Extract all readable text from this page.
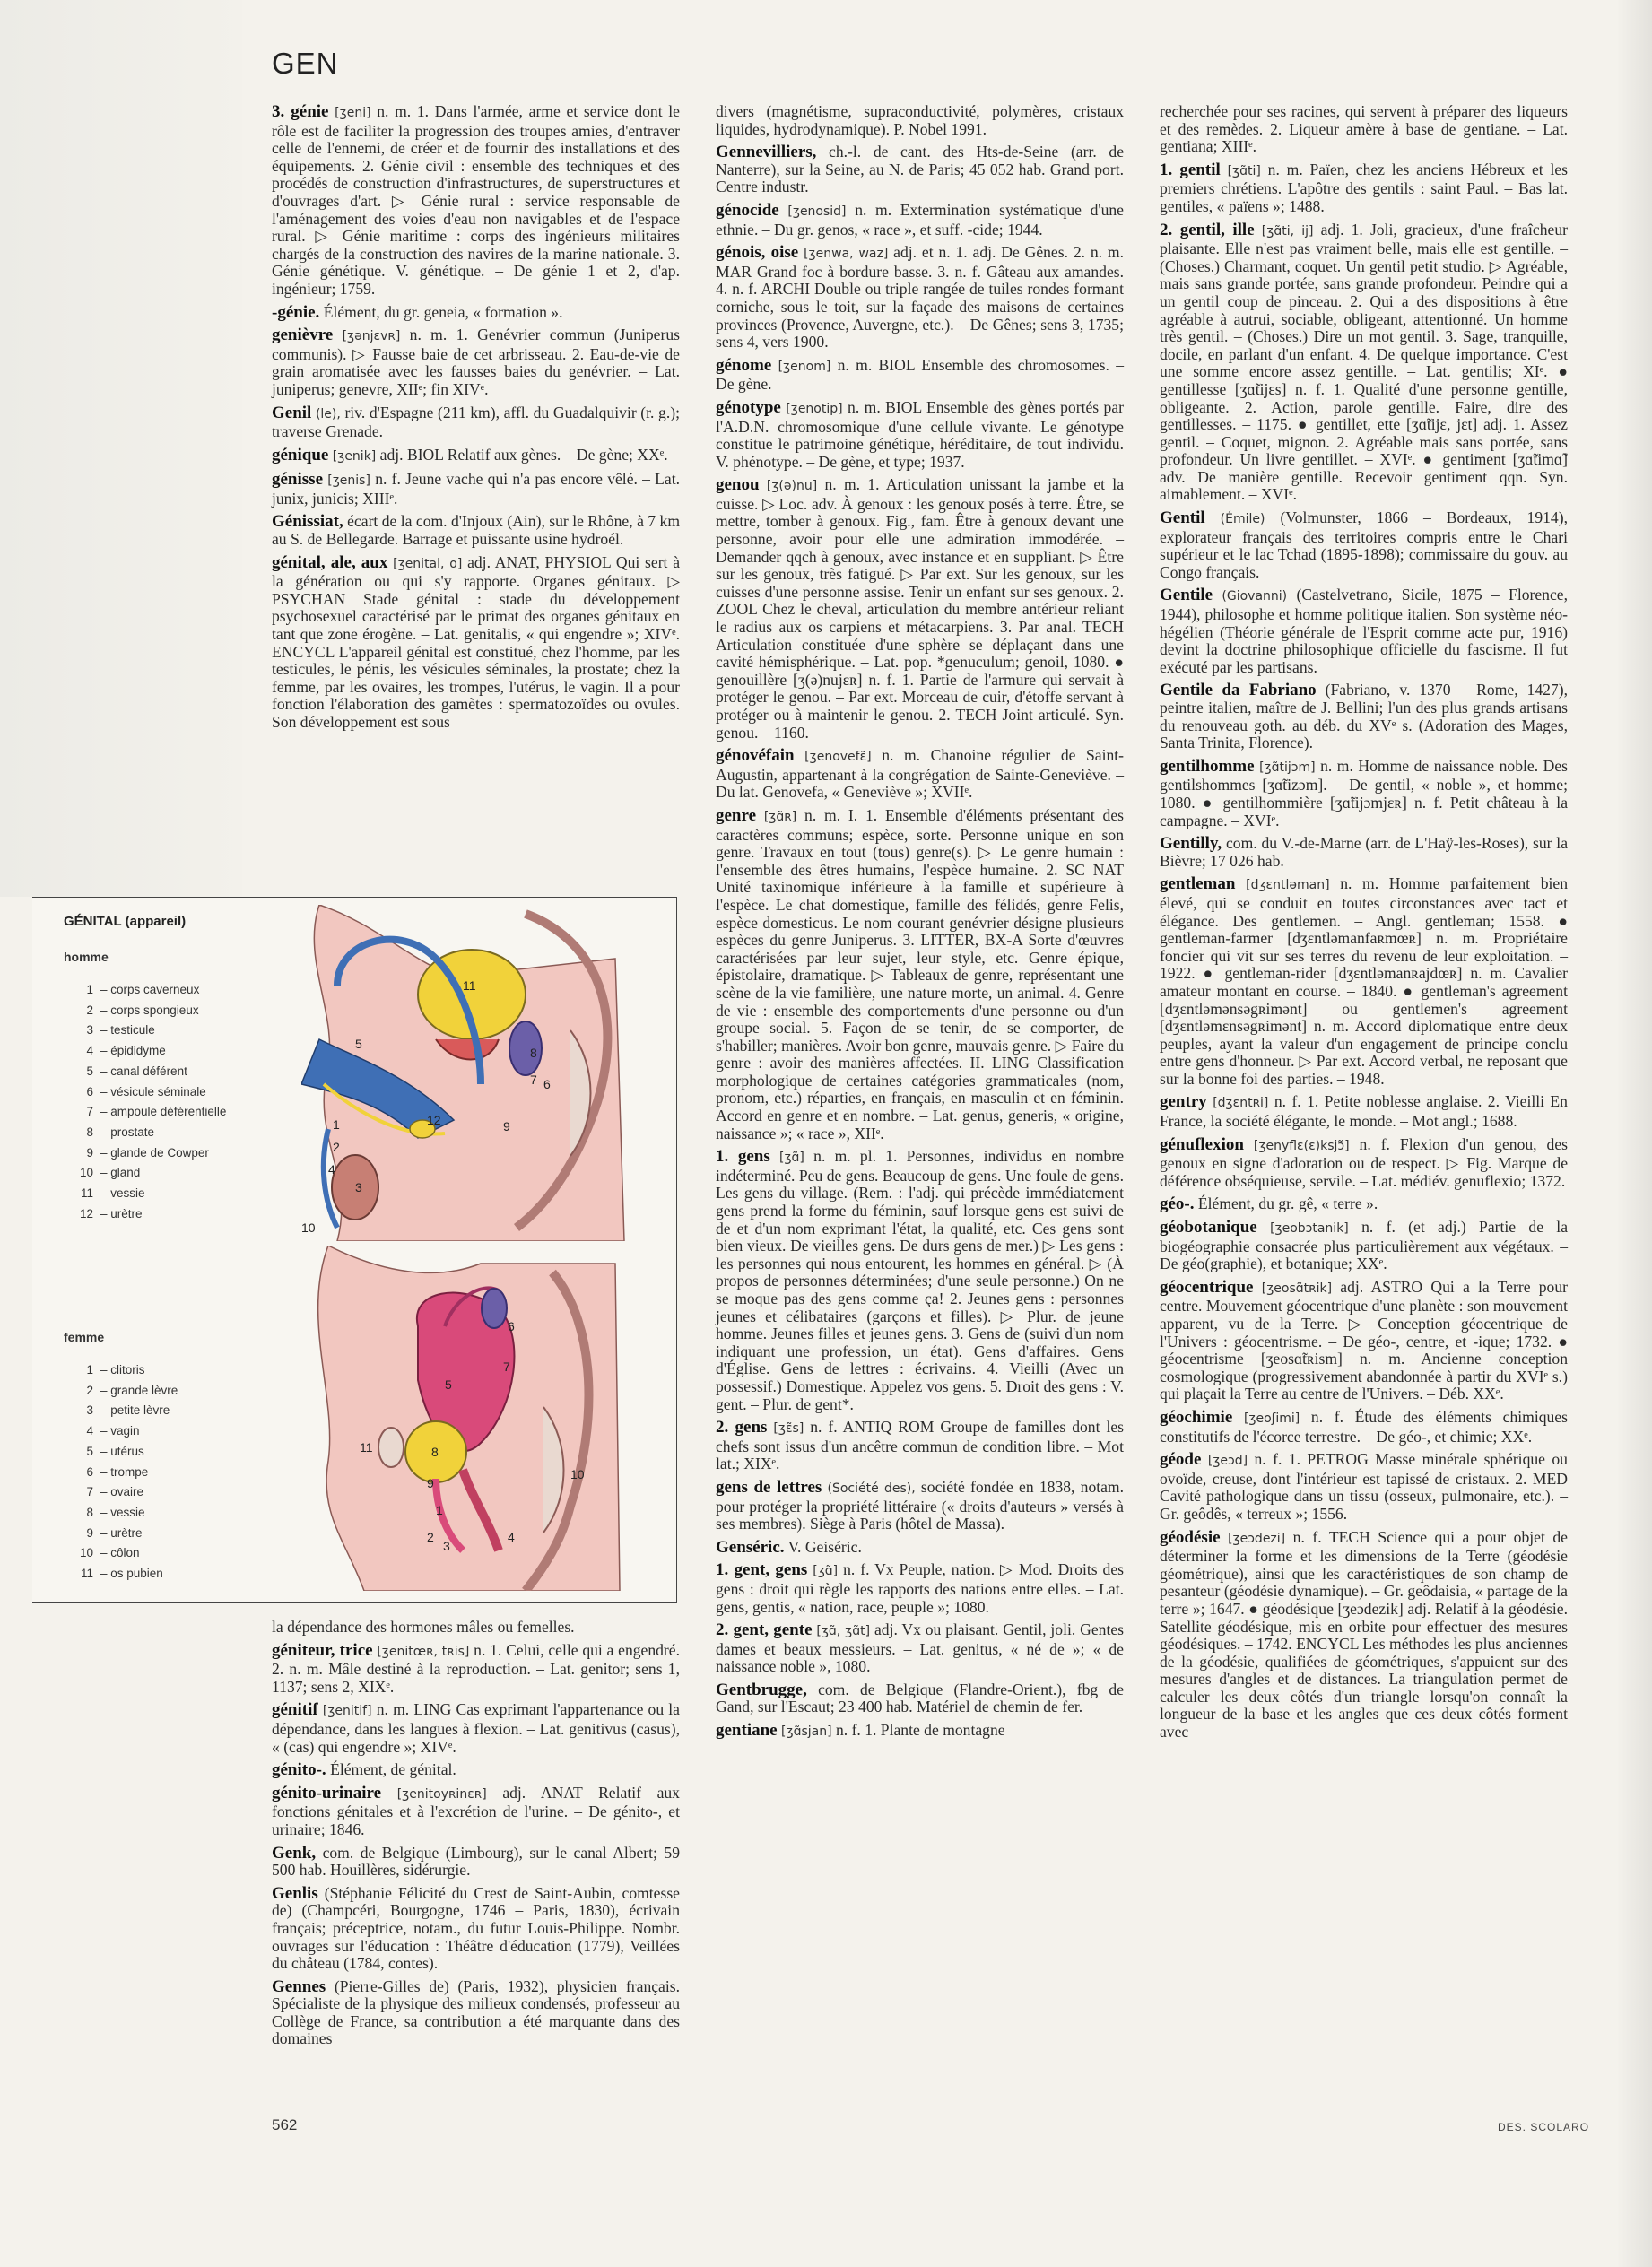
GEN

3. génie [ʒeni] n. m. 1. Dans l'armée, arme et service dont le rôle est de faciliter la progression des troupes amies, d'entraver celle de l'ennemi, de créer et de fournir des installations et des équipements. 2. Génie civil : ensemble des techniques et des procédés de construction d'infrastructures, de superstructures et d'ouvrages d'art. ▷ Génie rural : service responsable de l'aménagement des voies d'eau non navigables et de l'espace rural. ▷ Génie maritime : corps des ingénieurs militaires chargés de la construction des navires de la marine nationale. 3. Génie génétique. V. génétique. – De génie 1 et 2, d'ap. ingénieur; 1759.

-génie. Élément, du gr. geneia, « formation ».

genièvre [ʒənjɛvʀ] n. m. 1. Genévrier commun (Juniperus communis). ▷ Fausse baie de cet arbrisseau. 2. Eau-de-vie de grain aromatisée avec les fausses baies du genévrier. – Lat. juniperus; genevre, XIIᵉ; fin XIVᵉ.

Genil (le), riv. d'Espagne (211 km), affl. du Guadalquivir (r. g.); traverse Grenade.

génique [ʒenik] adj. BIOL Relatif aux gènes. – De gène; XXᵉ.

génisse [ʒenis] n. f. Jeune vache qui n'a pas encore vêlé. – Lat. junix, junicis; XIIIᵉ.

Génissiat, écart de la com. d'Injoux (Ain), sur le Rhône, à 7 km au S. de Bellegarde. Barrage et puissante usine hydroél.

génital, ale, aux [ʒenital, o] adj. ANAT, PHYSIOL Qui sert à la génération ou qui s'y rapporte. Organes génitaux. ▷ PSYCHAN Stade génital : stade du développement psychosexuel caractérisé par le primat des organes génitaux en tant que zone érogène. – Lat. genitalis, « qui engendre »; XIVᵉ. ENCYCL L'appareil génital est constitué, chez l'homme, par les testicules, le pénis, les vésicules séminales, la prostate; chez la femme, par les ovaires, les trompes, l'utérus, le vagin. Il a pour fonction l'élaboration des gamètes : spermatozoïdes ou ovules. Son développement est sous

la dépendance des hormones mâles ou femelles.

géniteur, trice [ʒenitœʀ, tʀis] n. 1. Celui, celle qui a engendré. 2. n. m. Mâle destiné à la reproduction. – Lat. genitor; sens 1, 1137; sens 2, XIXᵉ.

génitif [ʒenitif] n. m. LING Cas exprimant l'appartenance ou la dépendance, dans les langues à flexion. – Lat. genitivus (casus), « (cas) qui engendre »; XIVᵉ.

génito-. Élément, de génital.

génito-urinaire [ʒenitoyʀinɛʀ] adj. ANAT Relatif aux fonctions génitales et à l'excrétion de l'urine. – De génito-, et urinaire; 1846.

Genk, com. de Belgique (Limbourg), sur le canal Albert; 59 500 hab. Houillères, sidérurgie.

Genlis (Stéphanie Félicité du Crest de Saint-Aubin, comtesse de) (Champcéri, Bourgogne, 1746 – Paris, 1830), écrivain français; préceptrice, notam., du futur Louis-Philippe. Nombr. ouvrages sur l'éducation : Théâtre d'éducation (1779), Veillées du château (1784, contes).

Gennes (Pierre-Gilles de) (Paris, 1932), physicien français. Spécialiste de la physique des milieux condensés, professeur au Collège de France, sa contribution a été marquante dans des domaines

divers (magnétisme, supraconductivité, polymères, cristaux liquides, hydrodynamique). P. Nobel 1991.

Gennevilliers, ch.-l. de cant. des Hts-de-Seine (arr. de Nanterre), sur la Seine, au N. de Paris; 45 052 hab. Grand port. Centre industr.

génocide [ʒenosid] n. m. Extermination systématique d'une ethnie. – Du gr. genos, « race », et suff. -cide; 1944.

génois, oise [ʒenwa, waz] adj. et n. 1. adj. De Gênes. 2. n. m. MAR Grand foc à bordure basse. 3. n. f. Gâteau aux amandes. 4. n. f. ARCHI Double ou triple rangée de tuiles rondes formant corniche, sous le toit, sur la façade des maisons de certaines provinces (Provence, Auvergne, etc.). – De Gênes; sens 3, 1735; sens 4, vers 1900.

génome [ʒenom] n. m. BIOL Ensemble des chromosomes. – De gène.

génotype [ʒenotip] n. m. BIOL Ensemble des gènes portés par l'A.D.N. chromosomique d'une cellule vivante. Le génotype constitue le patrimoine génétique, héréditaire, de tout individu. V. phénotype. – De gène, et type; 1937.

genou [ʒ(ə)nu] n. m. 1. Articulation unissant la jambe et la cuisse. ▷ Loc. adv. À genoux : les genoux posés à terre. Être, se mettre, tomber à genoux. Fig., fam. Être à genoux devant une personne, avoir pour elle une admiration immodérée. – Demander qqch à genoux, avec instance et en suppliant. ▷ Être sur les genoux, très fatigué. ▷ Par ext. Sur les genoux, sur les cuisses d'une personne assise. Tenir un enfant sur ses genoux. 2. ZOOL Chez le cheval, articulation du membre antérieur reliant le radius aux os carpiens et métacarpiens. 3. Par anal. TECH Articulation constituée d'une sphère se déplaçant dans une cavité hémisphérique. – Lat. pop. *genuculum; genoil, 1080. ● genouillère [ʒ(ə)nujɛʀ] n. f. 1. Partie de l'armure qui servait à protéger le genou. – Par ext. Morceau de cuir, d'étoffe servant à protéger ou à maintenir le genou. 2. TECH Joint articulé. Syn. genou. – 1160.

génovéfain [ʒenovefɛ̃] n. m. Chanoine régulier de Saint-Augustin, appartenant à la congrégation de Sainte-Geneviève. – Du lat. Genovefa, « Geneviève »; XVIIᵉ.

genre [ʒɑ̃ʀ] n. m. I. 1. Ensemble d'éléments présentant des caractères communs; espèce, sorte. Personne unique en son genre. Travaux en tout (tous) genre(s). ▷ Le genre humain : l'ensemble des êtres humains, l'espèce humaine. 2. SC NAT Unité taxinomique inférieure à la famille et supérieure à l'espèce. Le chat domestique, famille des félidés, genre Felis, espèce domesticus. Le nom courant genévrier désigne plusieurs espèces du genre Juniperus. 3. LITTER, BX-A Sorte d'œuvres caractérisées par leur sujet, leur style, etc. Genre épique, épistolaire, dramatique. ▷ Tableaux de genre, représentant une scène de la vie familière, une nature morte, un animal. 4. Genre de vie : ensemble des comportements d'une personne ou d'un groupe social. 5. Façon de se tenir, de se comporter, de s'habiller; manières. Avoir bon genre, mauvais genre. ▷ Faire du genre : avoir des manières affectées. II. LING Classification morphologique de certaines catégories grammaticales (nom, pronom, etc.) réparties, en français, en masculin et en féminin. Accord en genre et en nombre. – Lat. genus, generis, « origine, naissance »; « race », XIIᵉ.

1. gens [ʒɑ̃] n. m. pl. 1. Personnes, individus en nombre indéterminé. Peu de gens. Beaucoup de gens. Une foule de gens. Les gens du village. (Rem. : l'adj. qui précède immédiatement gens prend la forme du féminin, sauf lorsque gens est suivi de de et d'un nom exprimant l'état, la qualité, etc. Ces gens sont bien vieux. De vieilles gens. De durs gens de mer.) ▷ Les gens : les personnes qui nous entourent, les hommes en général. ▷ (À propos de personnes déterminées; d'une seule personne.) On ne se moque pas des gens comme ça! 2. Jeunes gens : personnes jeunes et célibataires (garçons et filles). ▷ Plur. de jeune homme. Jeunes filles et jeunes gens. 3. Gens de (suivi d'un nom indiquant une profession, un état). Gens d'affaires. Gens d'Église. Gens de lettres : écrivains. 4. Vieilli (Avec un possessif.) Domestique. Appelez vos gens. 5. Droit des gens : V. gent. – Plur. de gent*.

2. gens [ʒɛ̃s] n. f. ANTIQ ROM Groupe de familles dont les chefs sont issus d'un ancêtre commun de condition libre. – Mot lat.; XIXᵉ.

gens de lettres (Société des), société fondée en 1838, notam. pour protéger la propriété littéraire (« droits d'auteurs » versés à ses membres). Siège à Paris (hôtel de Massa).

Genséric. V. Geiséric.

1. gent, gens [ʒɑ̃] n. f. Vx Peuple, nation. ▷ Mod. Droits des gens : droit qui règle les rapports des nations entre elles. – Lat. gens, gentis, « nation, race, peuple »; 1080.

2. gent, gente [ʒɑ̃, ʒɑ̃t] adj. Vx ou plaisant. Gentil, joli. Gentes dames et beaux messieurs. – Lat. genitus, « né de »; « de naissance noble », 1080.

Gentbrugge, com. de Belgique (Flandre-Orient.), fbg de Gand, sur l'Escaut; 23 400 hab. Matériel de chemin de fer.

gentiane [ʒɑ̃sjan] n. f. 1. Plante de montagne

recherchée pour ses racines, qui servent à préparer des liqueurs et des remèdes. 2. Liqueur amère à base de gentiane. – Lat. gentiana; XIIIᵉ.

1. gentil [ʒɑ̃ti] n. m. Païen, chez les anciens Hébreux et les premiers chrétiens. L'apôtre des gentils : saint Paul. – Bas lat. gentiles, « païens »; 1488.

2. gentil, ille [ʒɑ̃ti, ij] adj. 1. Joli, gracieux, d'une fraîcheur plaisante. Elle n'est pas vraiment belle, mais elle est gentille. – (Choses.) Charmant, coquet. Un gentil petit studio. ▷ Agréable, mais sans grande portée, sans grande profondeur. Peindre qui a un gentil coup de pinceau. 2. Qui a des dispositions à être agréable à autrui, sociable, obligeant, attentionné. Un homme très gentil. – (Choses.) Dire un mot gentil. 3. Sage, tranquille, docile, en parlant d'un enfant. 4. De quelque importance. C'est une somme encore assez gentille. – Lat. gentilis; XIᵉ. ● gentillesse [ʒɑ̃tijɛs] n. f. 1. Qualité d'une personne gentille, obligeante. 2. Action, parole gentille. Faire, dire des gentillesses. – 1175. ● gentillet, ette [ʒɑ̃tijɛ, jɛt] adj. 1. Assez gentil. – Coquet, mignon. 2. Agréable mais sans portée, sans profondeur. Un livre gentillet. – XVIᵉ. ● gentiment [ʒɑ̃timɑ̃] adv. De manière gentille. Recevoir gentiment qqn. Syn. aimablement. – XVIᵉ.

Gentil (Émile) (Volmunster, 1866 – Bordeaux, 1914), explorateur français des territoires compris entre le Chari supérieur et le lac Tchad (1895-1898); commissaire du gouv. au Congo français.

Gentile (Giovanni) (Castelvetrano, Sicile, 1875 – Florence, 1944), philosophe et homme politique italien. Son système néo-hégélien (Théorie générale de l'Esprit comme acte pur, 1916) devint la doctrine philosophique officielle du fascisme. Il fut exécuté par les partisans.

Gentile da Fabriano (Fabriano, v. 1370 – Rome, 1427), peintre italien, maître de J. Bellini; l'un des plus grands artisans du renouveau goth. au déb. du XVᵉ s. (Adoration des Mages, Santa Trinita, Florence).

gentilhomme [ʒɑ̃tijɔm] n. m. Homme de naissance noble. Des gentilshommes [ʒɑ̃tizɔm]. – De gentil, « noble », et homme; 1080. ● gentilhommière [ʒɑ̃tijɔmjɛʀ] n. f. Petit château à la campagne. – XVIᵉ.

Gentilly, com. du V.-de-Marne (arr. de L'Haÿ-les-Roses), sur la Bièvre; 17 026 hab.

gentleman [dʒɛntləman] n. m. Homme parfaitement bien élevé, qui se conduit en toutes circonstances avec tact et élégance. Des gentlemen. – Angl. gentleman; 1558. ● gentleman-farmer [dʒɛntləmanfaʀmœʀ] n. m. Propriétaire foncier qui vit sur ses terres du revenu de leur exploitation. – 1922. ● gentleman-rider [dʒɛntləmanʀajdœʀ] n. m. Cavalier amateur montant en course. – 1840. ● gentleman's agreement [dʒɛntləmənsəgʀimənt] ou gentlemen's agreement [dʒɛntləmɛnsəgʀimənt] n. m. Accord diplomatique entre deux peuples, ayant la valeur d'un engagement de principe conclu entre gens d'honneur. ▷ Par ext. Accord verbal, ne reposant que sur la bonne foi des parties. – 1948.

gentry [dʒɛntʀi] n. f. 1. Petite noblesse anglaise. 2. Vieilli En France, la société élégante, le monde. – Mot angl.; 1688.

génuflexion [ʒenyflɛ(ɛ)ksjɔ̃] n. f. Flexion d'un genou, des genoux en signe d'adoration ou de respect. ▷ Fig. Marque de déférence obséquieuse, servile. – Lat. médiév. genuflexio; 1372.

géo-. Élément, du gr. gê, « terre ».

géobotanique [ʒeobɔtanik] n. f. (et adj.) Partie de la biogéographie consacrée plus particulièrement aux végétaux. – De géo(graphie), et botanique; XXᵉ.

géocentrique [ʒeosɑ̃tʀik] adj. ASTRO Qui a la Terre pour centre. Mouvement géocentrique d'une planète : son mouvement apparent, vu de la Terre. ▷ Conception géocentrique de l'Univers : géocentrisme. – De géo-, centre, et -ique; 1732. ● géocentrisme [ʒeosɑ̃tʀism] n. m. Ancienne conception cosmologique (progressivement abandonnée à partir du XVIᵉ s.) qui plaçait la Terre au centre de l'Univers. – Déb. XXᵉ.

géochimie [ʒeoʃimi] n. f. Étude des éléments chimiques constitutifs de l'écorce terrestre. – De géo-, et chimie; XXᵉ.

géode [ʒeɔd] n. f. 1. PETROG Masse minérale sphérique ou ovoïde, creuse, dont l'intérieur est tapissé de cristaux. 2. MED Cavité pathologique dans un tissu (osseux, pulmonaire, etc.). – Gr. geôdês, « terreux »; 1556.

géodésie [ʒeɔdezi] n. f. TECH Science qui a pour objet de déterminer la forme et les dimensions de la Terre (géodésie géométrique), ainsi que les caractéristiques de son champ de pesanteur (géodésie dynamique). – Gr. geôdaisia, « partage de la terre »; 1647. ● géodésique [ʒeɔdezik] adj. Relatif à la géodésie. Satellite géodésique, mis en orbite pour effectuer des mesures géodésiques. – 1742. ENCYCL Les méthodes les plus anciennes de la géodésie, qualifiées de géométriques, s'appuient sur des mesures d'angles et de distances. La triangulation permet de calculer les deux côtés d'un triangle lorsqu'on connaît la longueur de la base et les angles que ces deux côtés forment avec

GÉNITAL (appareil)
homme
1 – corps caverneux
2 – corps spongieux
3 – testicule
4 – épididyme
5 – canal déférent
6 – vésicule séminale
7 – ampoule déférentielle
8 – prostate
9 – glande de Cowper
10 – gland
11 – vessie
12 – urètre
femme
1 – clitoris
2 – grande lèvre
3 – petite lèvre
4 – vagin
5 – utérus
6 – trompe
7 – ovaire
8 – vessie
9 – urètre
10 – côlon
11 – os pubien
1
2
3
4
5
6
7
8
9
10
11
12
1
2
3
4
5
6
7
8
9
10
11
562	DES. SCOLARO
